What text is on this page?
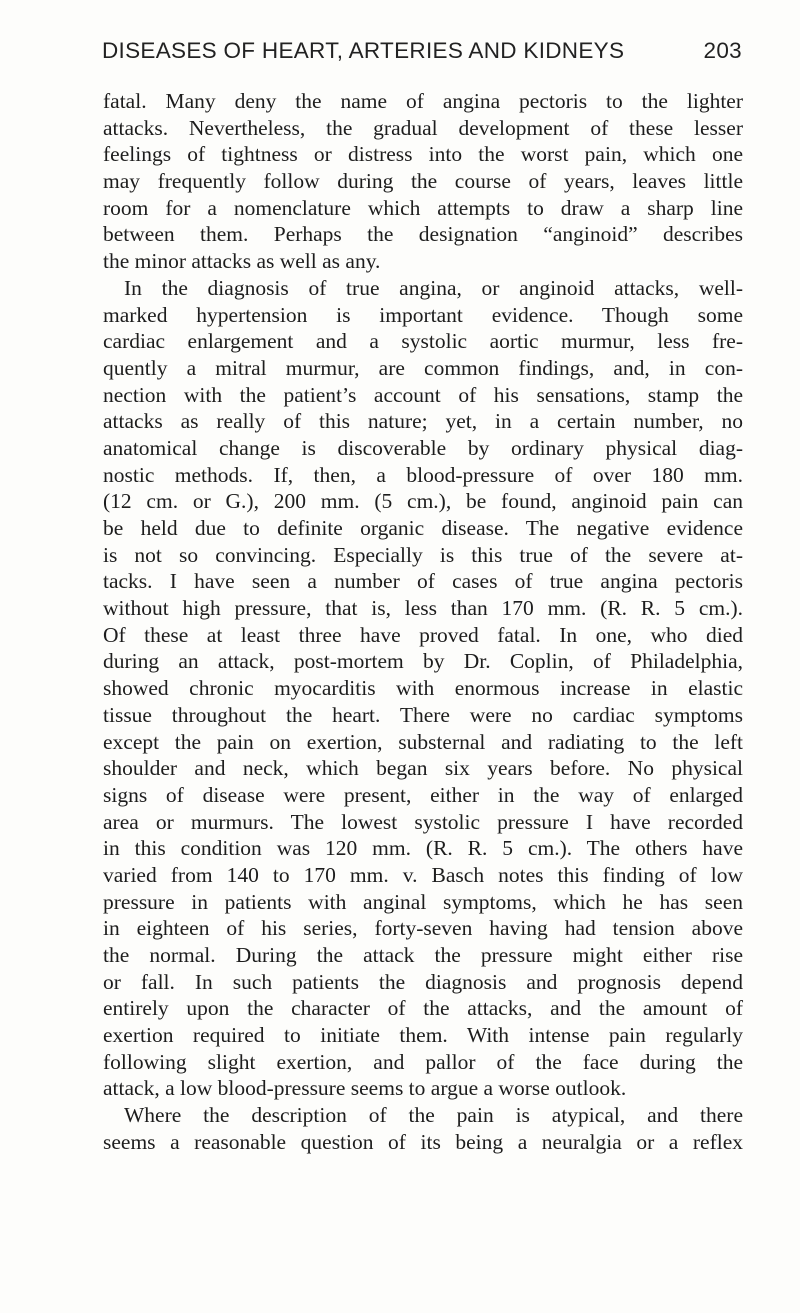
DISEASES OF HEART, ARTERIES AND KIDNEYS	203
fatal. Many deny the name of angina pectoris to the lighter
attacks. Nevertheless, the gradual development of these lesser
feelings of tightness or distress into the worst pain, which one
may frequently follow during the course of years, leaves little
room for a nomenclature which attempts to draw a sharp line
between them. Perhaps the designation “anginoid” describes
the minor attacks as well as any.
In the diagnosis of true angina, or anginoid attacks, well-
marked hypertension is important evidence. Though some
cardiac enlargement and a systolic aortic murmur, less fre-
quently a mitral murmur, are common findings, and, in con-
nection with the patient’s account of his sensations, stamp the
attacks as really of this nature; yet, in a certain number, no
anatomical change is discoverable by ordinary physical diag-
nostic methods. If, then, a blood-pressure of over 180 mm.
(12 cm. or G.), 200 mm. (5 cm.), be found, anginoid pain can
be held due to definite organic disease. The negative evidence
is not so convincing. Especially is this true of the severe at-
tacks. I have seen a number of cases of true angina pectoris
without high pressure, that is, less than 170 mm. (R. R. 5 cm.).
Of these at least three have proved fatal. In one, who died
during an attack, post-mortem by Dr. Coplin, of Philadelphia,
showed chronic myocarditis with enormous increase in elastic
tissue throughout the heart. There were no cardiac symptoms
except the pain on exertion, substernal and radiating to the left
shoulder and neck, which began six years before. No physical
signs of disease were present, either in the way of enlarged
area or murmurs. The lowest systolic pressure I have recorded
in this condition was 120 mm. (R. R. 5 cm.). The others have
varied from 140 to 170 mm. v. Basch notes this finding of low
pressure in patients with anginal symptoms, which he has seen
in eighteen of his series, forty-seven having had tension above
the normal. During the attack the pressure might either rise
or fall. In such patients the diagnosis and prognosis depend
entirely upon the character of the attacks, and the amount of
exertion required to initiate them. With intense pain regularly
following slight exertion, and pallor of the face during the
attack, a low blood-pressure seems to argue a worse outlook.
Where the description of the pain is atypical, and there
seems a reasonable question of its being a neuralgia or a reflex
